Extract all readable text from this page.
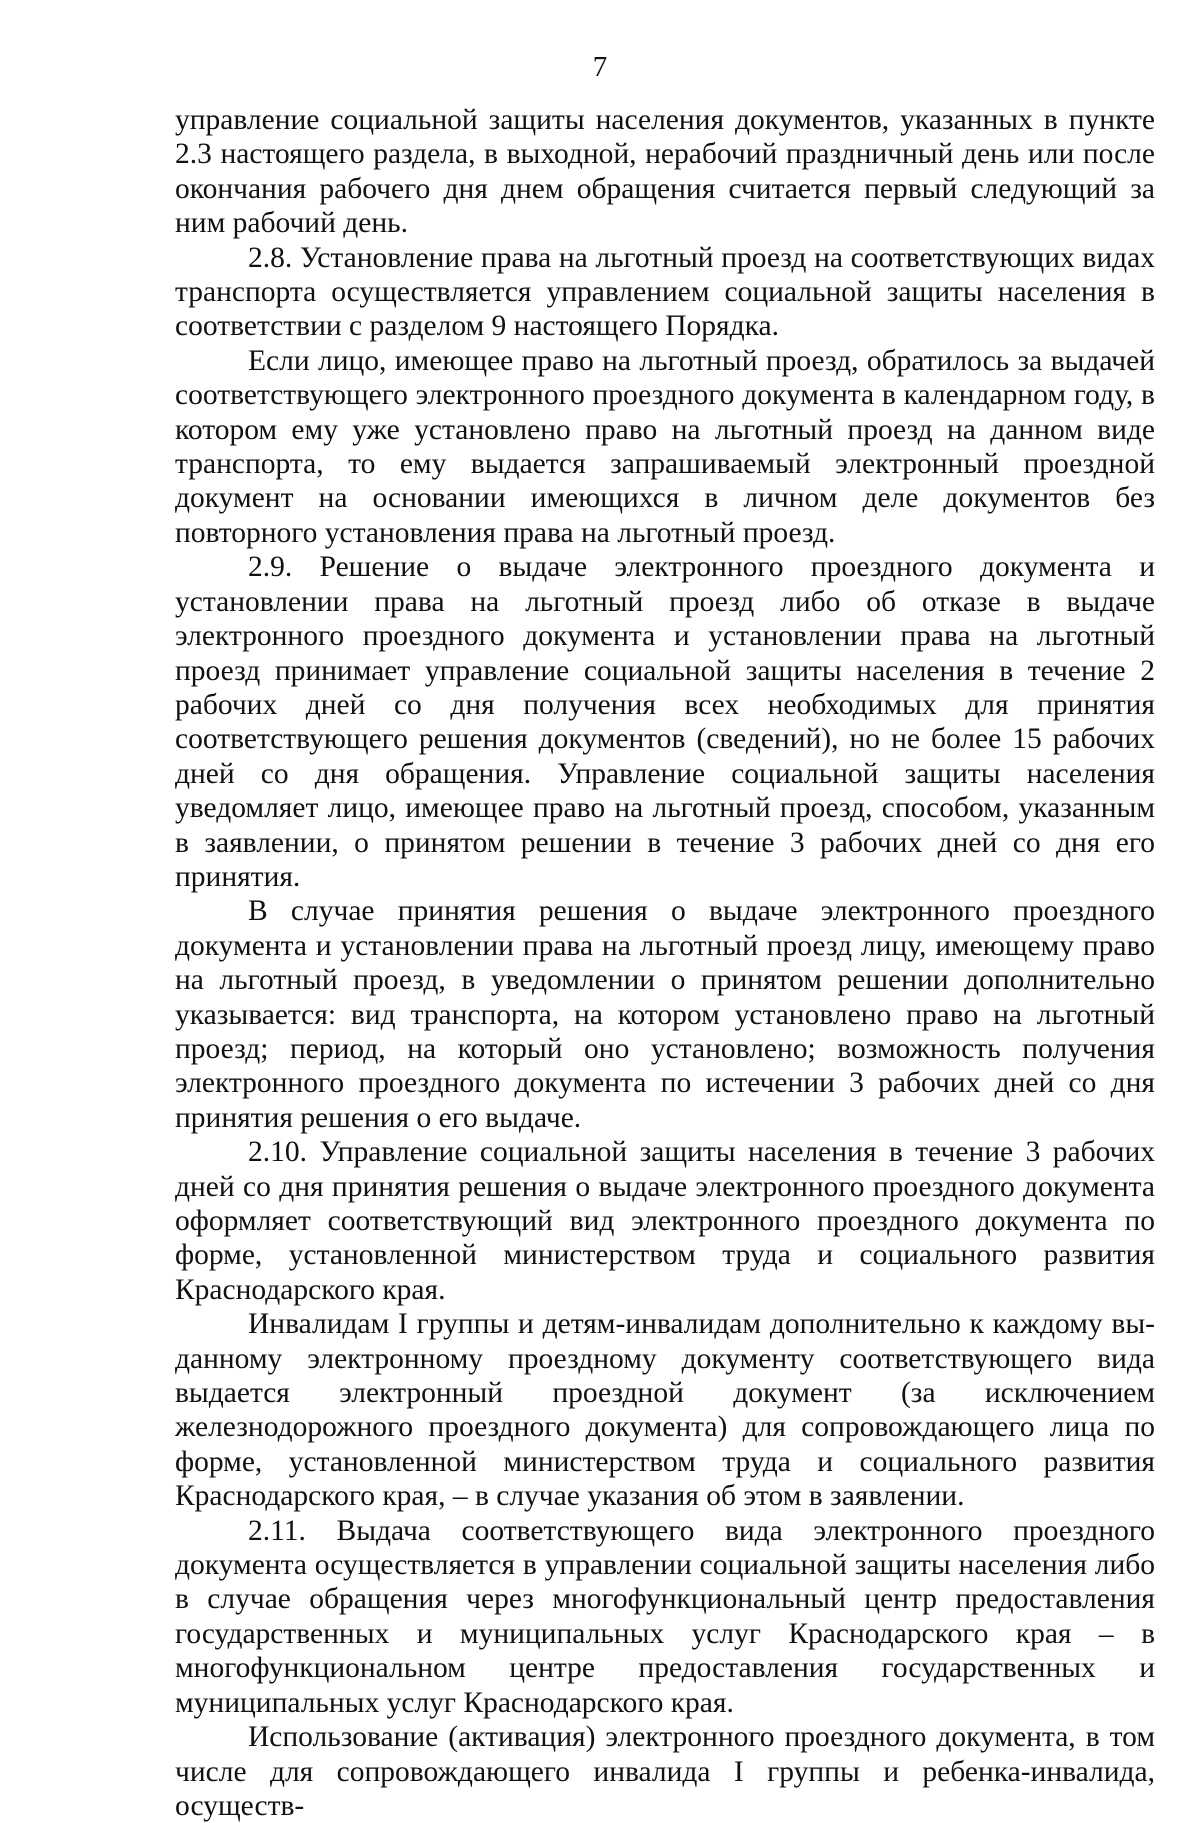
7

управление социальной защиты населения документов, указанных в пункте 2.3 настоящего раздела, в выходной, нерабочий праздничный день или после окончания рабочего дня днем обращения считается первый следующий за ним рабочий день.

2.8. Установление права на льготный проезд на соответствующих видах транспорта осуществляется управлением социальной защиты населения в соответствии с разделом 9 настоящего Порядка.

Если лицо, имеющее право на льготный проезд, обратилось за выдачей соответствующего электронного проездного документа в календарном году, в котором ему уже установлено право на льготный проезд на данном виде транспорта, то ему выдается запрашиваемый электронный проездной документ на основании имеющихся в личном деле документов без повторного установления права на льготный проезд.

2.9. Решение о выдаче электронного проездного документа и установлении права на льготный проезд либо об отказе в выдаче электронного проездного документа и установлении права на льготный проезд принимает управление социальной защиты населения в течение 2 рабочих дней со дня получения всех необходимых для принятия соответствующего решения документов (сведений), но не более 15 рабочих дней со дня обращения. Управление социальной защиты населения уведомляет лицо, имеющее право на льготный проезд, способом, указанным в заявлении, о принятом решении в течение 3 рабочих дней со дня его принятия.

В случае принятия решения о выдаче электронного проездного документа и установлении права на льготный проезд лицу, имеющему право на льготный проезд, в уведомлении о принятом решении дополнительно указывается: вид транспорта, на котором установлено право на льготный проезд; период, на который оно установлено; возможность получения электронного проездного документа по истечении 3 рабочих дней со дня принятия решения о его выдаче.

2.10. Управление социальной защиты населения в течение 3 рабочих дней со дня принятия решения о выдаче электронного проездного документа оформляет соответствующий вид электронного проездного документа по форме, установленной министерством труда и социального развития Краснодарского края.

Инвалидам I группы и детям-инвалидам дополнительно к каждому выданному электронному проездному документу соответствующего вида выдается электронный проездной документ (за исключением железнодорожного проездного документа) для сопровождающего лица по форме, установленной министерством труда и социального развития Краснодарского края, – в случае указания об этом в заявлении.

2.11. Выдача соответствующего вида электронного проездного документа осуществляется в управлении социальной защиты населения либо в случае обращения через многофункциональный центр предоставления государственных и муниципальных услуг Краснодарского края – в многофункциональном центре предоставления государственных и муниципальных услуг Краснодарского края.

Использование (активация) электронного проездного документа, в том числе для сопровождающего инвалида I группы и ребенка-инвалида, осуществ-
